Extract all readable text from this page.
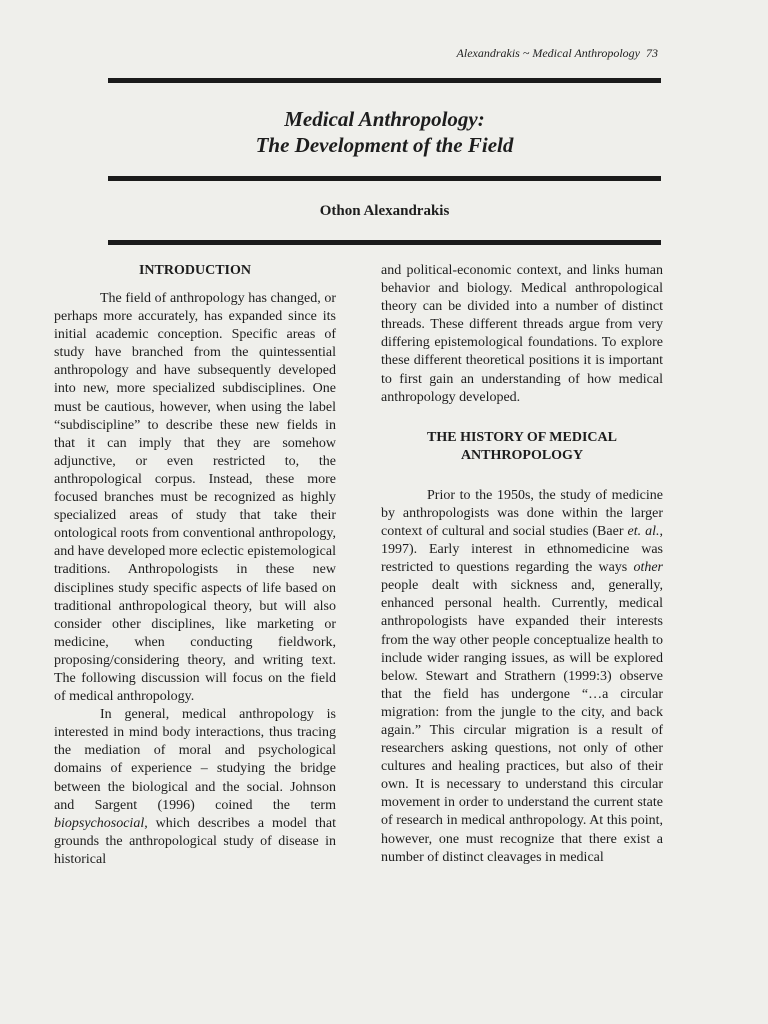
Alexandrakis ~ Medical Anthropology 73
Medical Anthropology:
The Development of the Field
Othon Alexandrakis
INTRODUCTION

The field of anthropology has changed, or perhaps more accurately, has expanded since its initial academic conception. Specific areas of study have branched from the quintessential anthropology and have subsequently developed into new, more specialized subdisciplines. One must be cautious, however, when using the label “subdiscipline” to describe these new fields in that it can imply that they are somehow adjunctive, or even restricted to, the anthropological corpus. Instead, these more focused branches must be recognized as highly specialized areas of study that take their ontological roots from conventional anthropology, and have developed more eclectic epistemological traditions. Anthropologists in these new disciplines study specific aspects of life based on traditional anthropological theory, but will also consider other disciplines, like marketing or medicine, when conducting fieldwork, proposing/considering theory, and writing text. The following discussion will focus on the field of medical anthropology.

In general, medical anthropology is interested in mind body interactions, thus tracing the mediation of moral and psychological domains of experience – studying the bridge between the biological and the social. Johnson and Sargent (1996) coined the term biopsychosocial, which describes a model that grounds the anthropological study of disease in historical

and political-economic context, and links human behavior and biology. Medical anthropological theory can be divided into a number of distinct threads. These different threads argue from very differing epistemological foundations. To explore these different theoretical positions it is important to first gain an understanding of how medical anthropology developed.

THE HISTORY OF MEDICAL
ANTHROPOLOGY

Prior to the 1950s, the study of medicine by anthropologists was done within the larger context of cultural and social studies (Baer et. al., 1997). Early interest in ethnomedicine was restricted to questions regarding the ways other people dealt with sickness and, generally, enhanced personal health. Currently, medical anthropologists have expanded their interests from the way other people conceptualize health to include wider ranging issues, as will be explored below. Stewart and Strathern (1999:3) observe that the field has undergone “…a circular migration: from the jungle to the city, and back again.” This circular migration is a result of researchers asking questions, not only of other cultures and healing practices, but also of their own. It is necessary to understand this circular movement in order to understand the current state of research in medical anthropology. At this point, however, one must recognize that there exist a number of distinct cleavages in medical
